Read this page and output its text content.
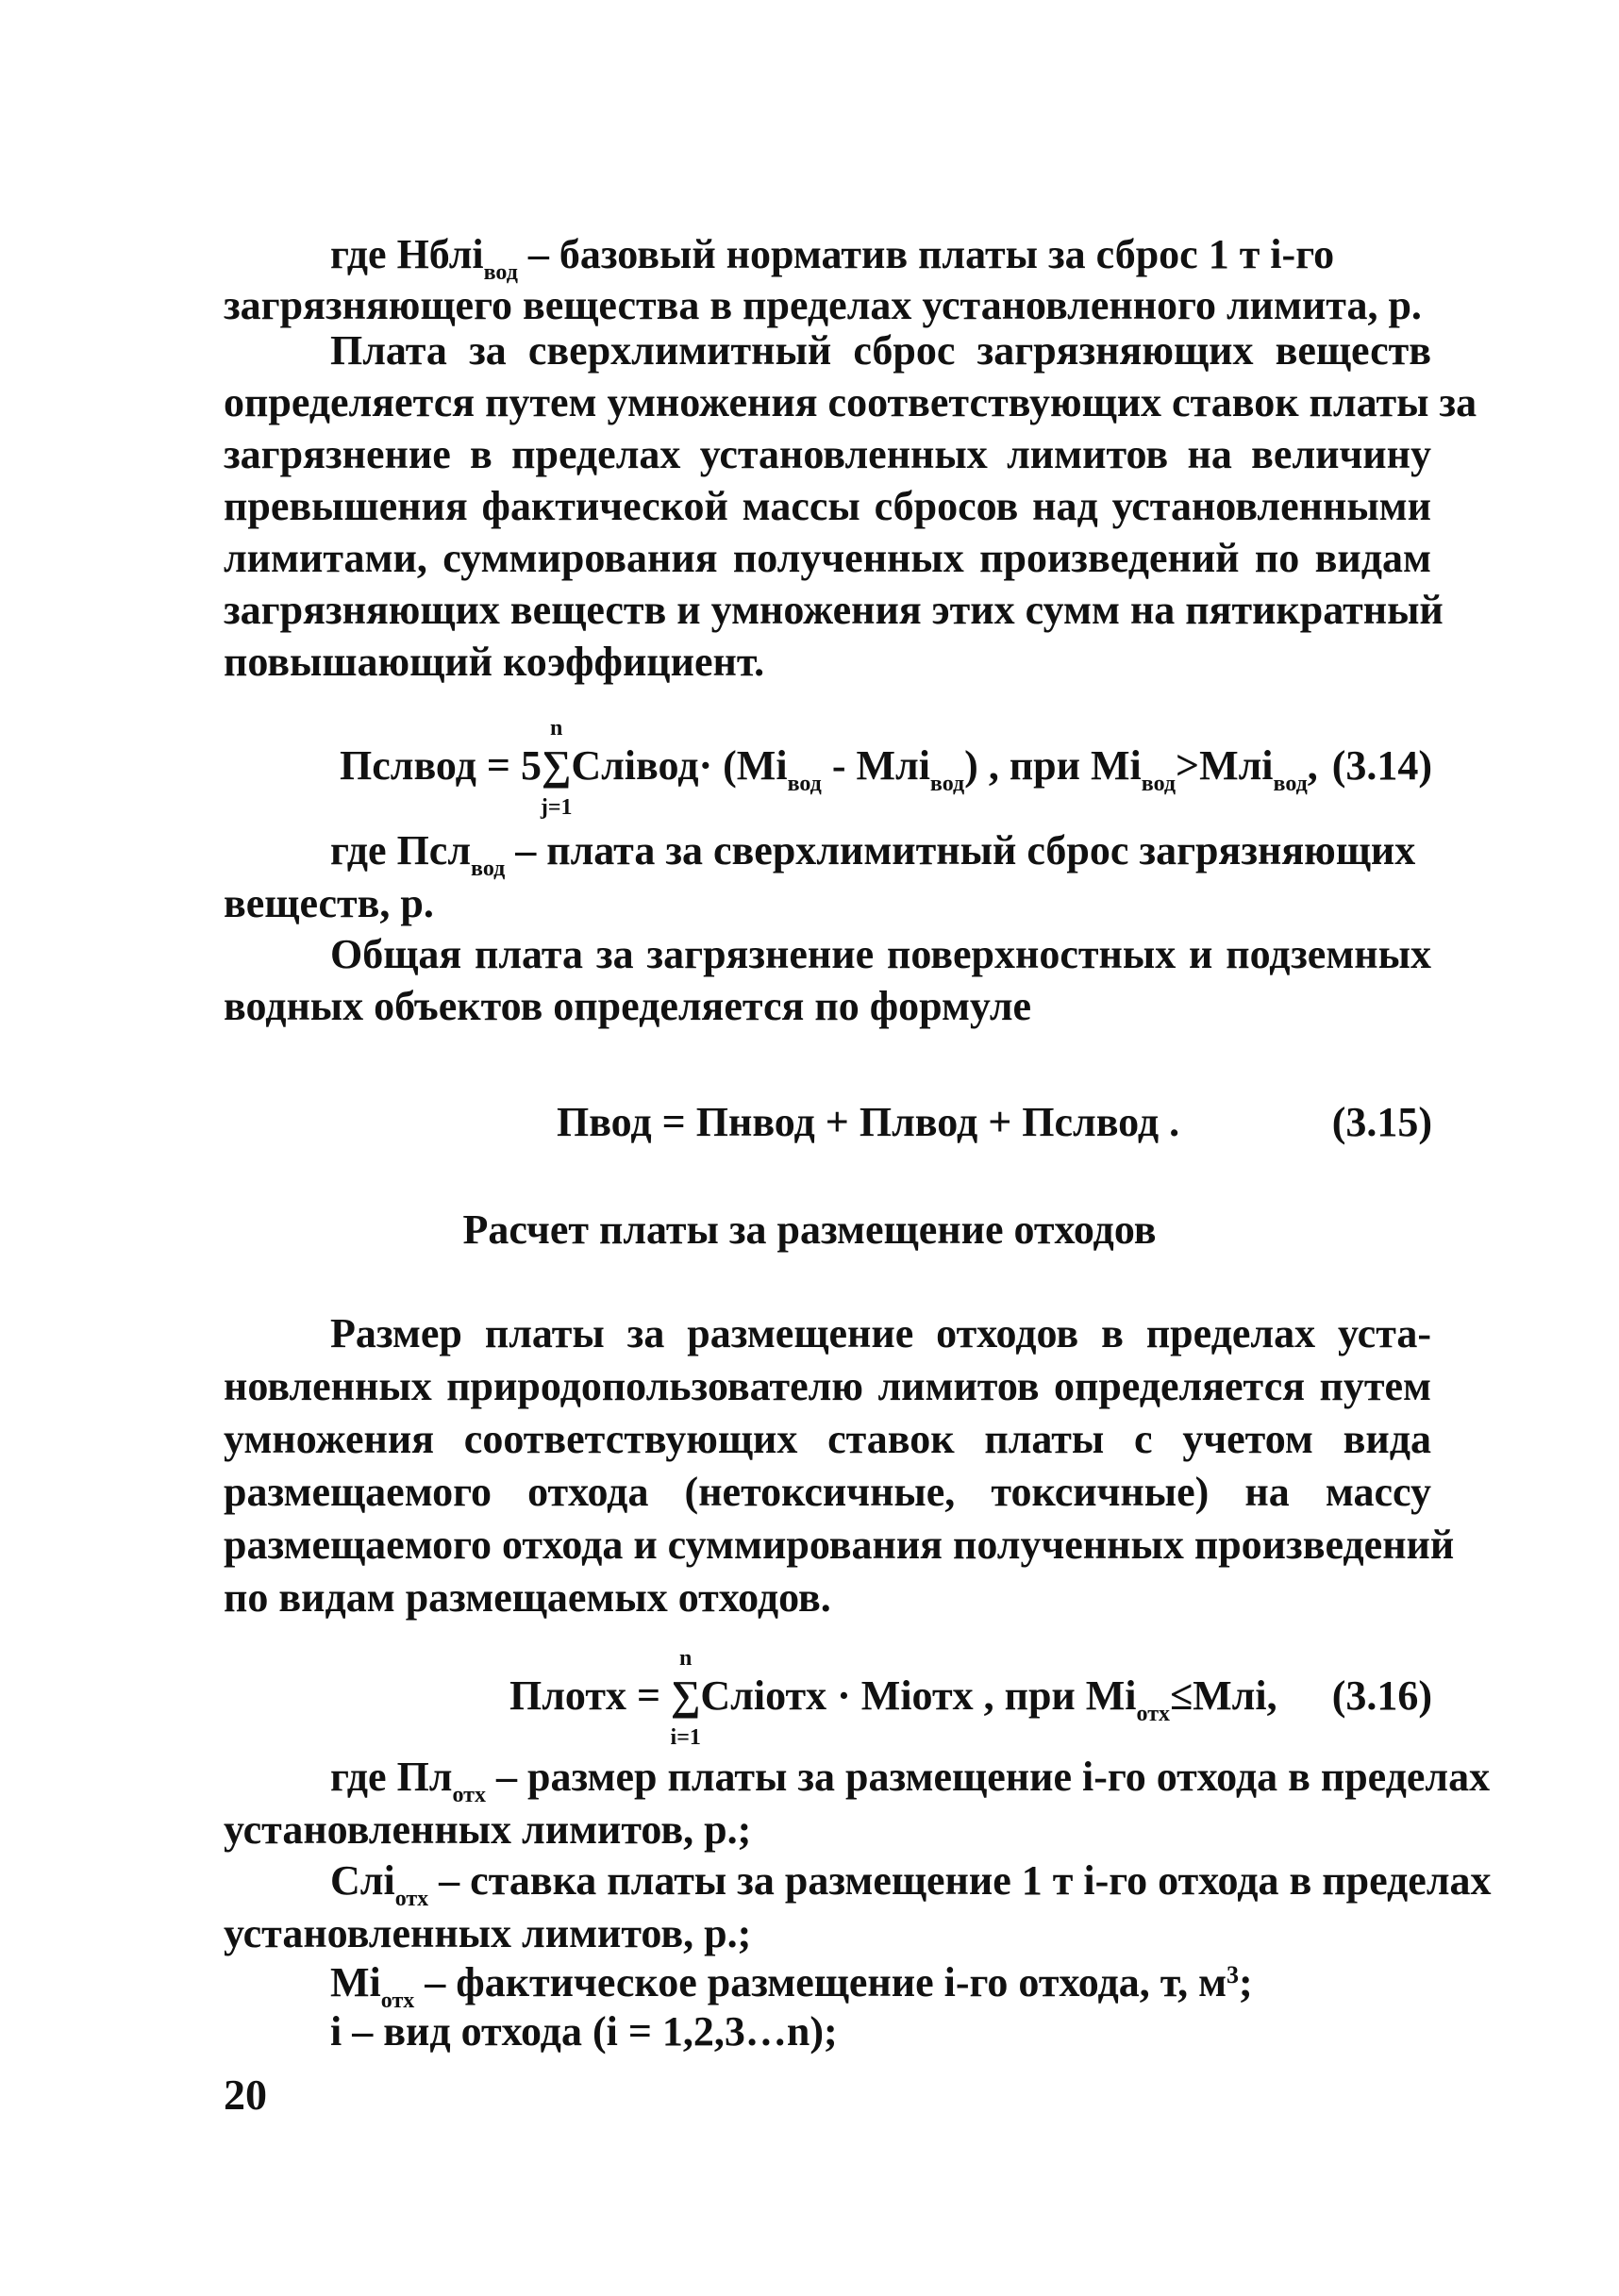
где Нблі$_{вод}$ – базовый норматив платы за сброс 1 т і-го
загрязняющего вещества в пределах установленного лимита, р.
Плата за сверхлимитный сброс загрязняющих веществ
определяется путем умножения соответствующих ставок платы за
загрязнение в пределах установленных лимитов на величину
превышения фактической массы сбросов над установленными
лимитами, суммирования полученных произведений по видам
загрязняющих веществ и умножения этих сумм на пятикратный
повышающий коэффициент.
Пслвод = 5
n
∑
j=1
Слівод· $(Мі_{вод} - Млі_{вод})$ , при $Мі_{вод}>Млі_{вод}$, (3.14)
где Псл$_{вод}$ – плата за сверхлимитный сброс загрязняющих
веществ, р.
Общая плата за загрязнение поверхностных и подземных
водных объектов определяется по формуле
Пвод = Пнвод + Плвод + Пслвод .	(3.15)
Расчет платы за размещение отходов
Размер платы за размещение отходов в пределах уста-
новленных природопользователю лимитов определяется путем
умножения соответствующих ставок платы с учетом вида
размещаемого отхода (нетоксичные, токсичные) на массу
размещаемого отхода и суммирования полученных произведений
по видам размещаемых отходов.
Плотх =
n
∑
i=1
Слiотх · Міотх , при $Мі_{отх}\le Млі$, (3.16)
где $Пл_{отх}$ – размер платы за размещение і-го отхода в пределах
установленных лимитов, р.;
Слі$_{отх}$ – ставка платы за размещение 1 т і-го отхода в пределах
установленных лимитов, р.;
$Мі_{отх}$ – фактическое размещение і-го отхода, т, $м^3$;
і – вид отхода (і = 1,2,3…n);
20
